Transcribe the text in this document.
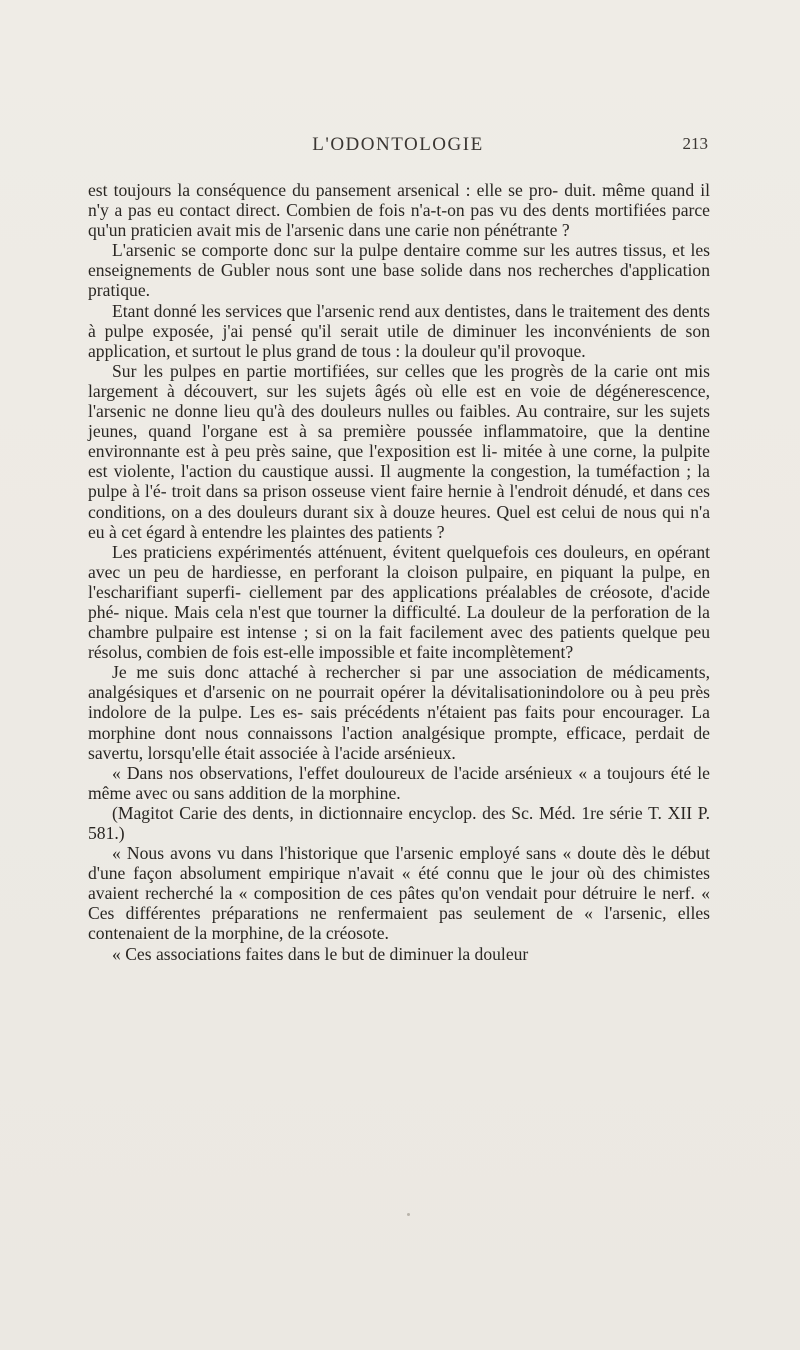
L'ODONTOLOGIE	213

est toujours la conséquence du pansement arsenical : elle se pro- duit. même quand il n'y a pas eu contact direct. Combien de fois n'a-t-on pas vu des dents mortifiées parce qu'un praticien avait mis de l'arsenic dans une carie non pénétrante ?

L'arsenic se comporte donc sur la pulpe dentaire comme sur les autres tissus, et les enseignements de Gubler nous sont une base solide dans nos recherches d'application pratique.

Etant donné les services que l'arsenic rend aux dentistes, dans le traitement des dents à pulpe exposée, j'ai pensé qu'il serait utile de diminuer les inconvénients de son application, et surtout le plus grand de tous : la douleur qu'il provoque.

Sur les pulpes en partie mortifiées, sur celles que les progrès de la carie ont mis largement à découvert, sur les sujets âgés où elle est en voie de dégénerescence, l'arsenic ne donne lieu qu'à des douleurs nulles ou faibles. Au contraire, sur les sujets jeunes, quand l'organe est à sa première poussée inflammatoire, que la dentine environnante est à peu près saine, que l'exposition est li- mitée à une corne, la pulpite est violente, l'action du caustique aussi. Il augmente la congestion, la tuméfaction ; la pulpe à l'é- troit dans sa prison osseuse vient faire hernie à l'endroit dénudé, et dans ces conditions, on a des douleurs durant six à douze heures. Quel est celui de nous qui n'a eu à cet égard à entendre les plaintes des patients ?

Les praticiens expérimentés atténuent, évitent quelquefois ces douleurs, en opérant avec un peu de hardiesse, en perforant la cloison pulpaire, en piquant la pulpe, en l'escharifiant superfi- ciellement par des applications préalables de créosote, d'acide phé- nique. Mais cela n'est que tourner la difficulté. La douleur de la perforation de la chambre pulpaire est intense ; si on la fait facilement avec des patients quelque peu résolus, combien de fois est-elle impossible et faite incomplètement?

Je me suis donc attaché à rechercher si par une association de médicaments, analgésiques et d'arsenic on ne pourrait opérer la dévitalisationindolore ou à peu près indolore de la pulpe. Les es- sais précédents n'étaient pas faits pour encourager. La morphine dont nous connaissons l'action analgésique prompte, efficace, perdait de savertu, lorsqu'elle était associée à l'acide arsénieux.

« Dans nos observations, l'effet douloureux de l'acide arsénieux « a toujours été le même avec ou sans addition de la morphine.

(Magitot Carie des dents, in dictionnaire encyclop. des Sc. Méd. 1re série T. XII P. 581.)

« Nous avons vu dans l'historique que l'arsenic employé sans « doute dès le début d'une façon absolument empirique n'avait « été connu que le jour où des chimistes avaient recherché la « composition de ces pâtes qu'on vendait pour détruire le nerf. « Ces différentes préparations ne renfermaient pas seulement de « l'arsenic, elles contenaient de la morphine, de la créosote.

« Ces associations faites dans le but de diminuer la douleur
